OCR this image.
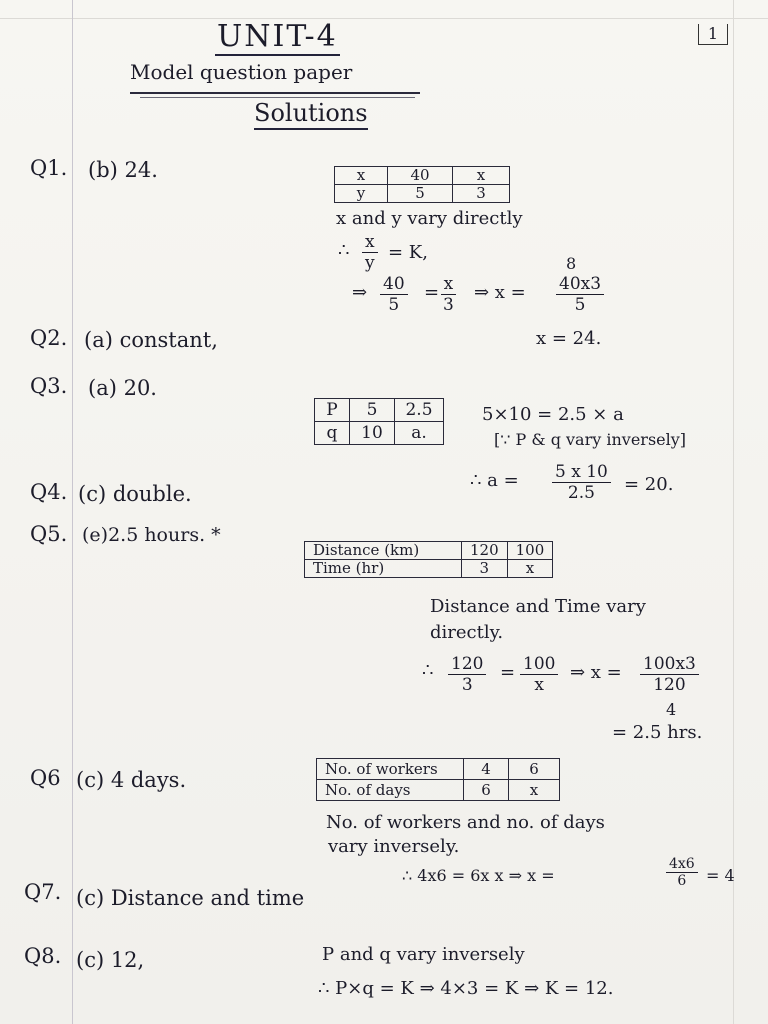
UNIT-4	1
Model question paper
Solutions
Q1. (b) 24.	x	40	x
y	5	3
x and y vary directly
∴ $\frac{x}{y} = K$,
⇒ $\frac{40}{5} = \frac{x}{3}$ ⇒ x =
8
$\frac{40x3}{5}$
x = 24.
Q2. (a) constant,
Q3. (a) 20.
P	5	2.5
q	10	a.
5×10 = 2.5 × a
[∵ P & q vary inversely]
∴ $a = \frac{5 x 10}{2.5} = 20$.
Q4. (c) double.
Q5. (e)2.5 hours. *
Distance (km)	120	100
Time (hr)	3	x
Distance and Time vary
directly.
∴ $\frac{120}{3} = \frac{100}{x}$ ⇒ $x = \frac{100x3}{120}$
4
= 2.5 hrs.
Q6 (c) 4 days.	No. of workers	4	6
No. of days	6	x
No. of workers and no. of days
vary inversely.
∴ 4x6 = 6x x ⇒ x =	$\frac{4x6}{6} = 4$
Q7. (c) Distance and time
Q8. (c) 12,	P and q vary inversely
∴ P×q = K ⇒ 4×3 = K ⇒ K = 12.
